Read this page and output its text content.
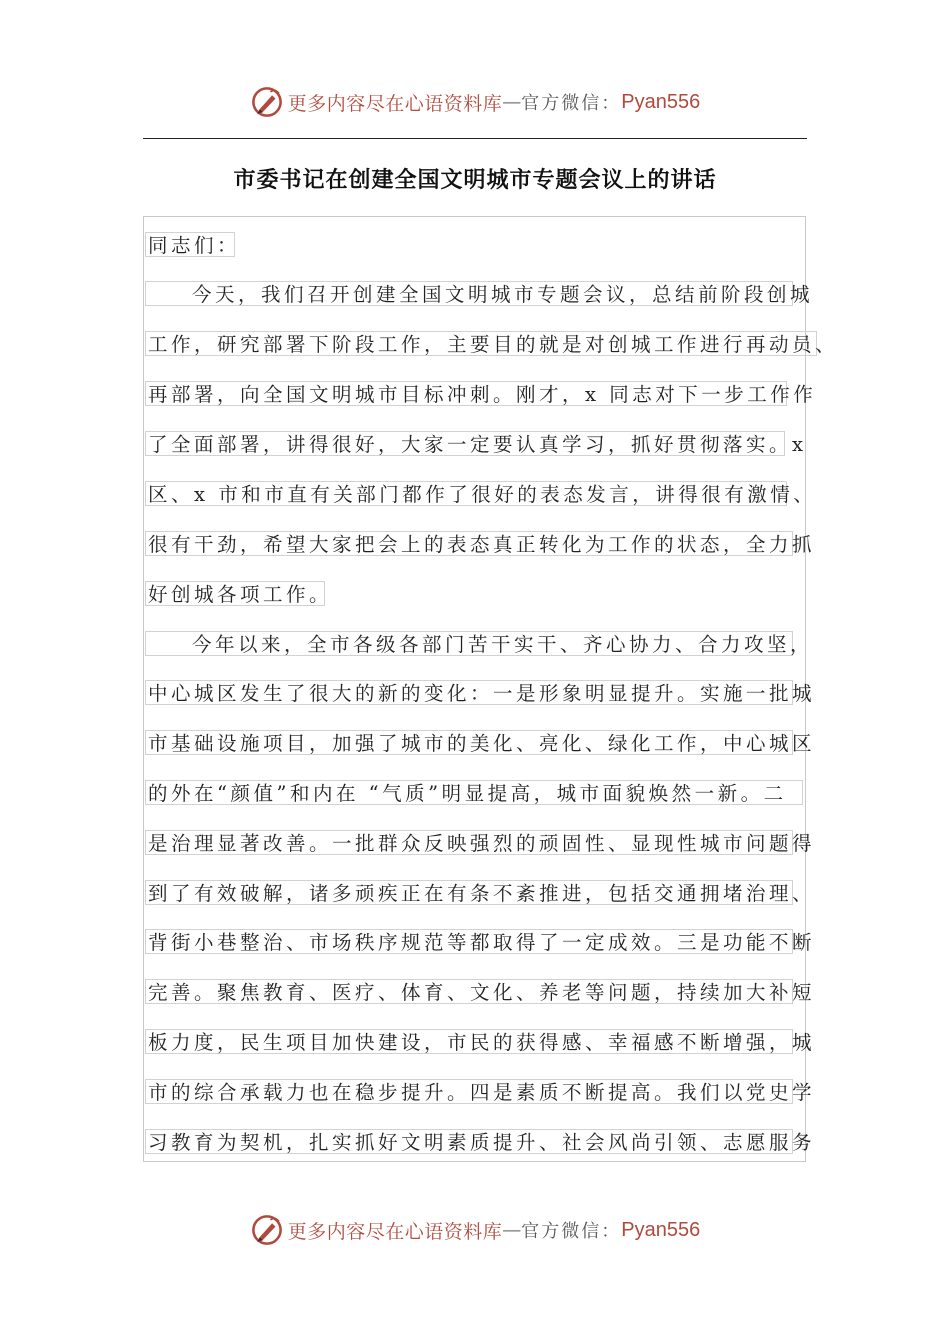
更多内容尽在心语资料库 — 官方微信： Pyan556
市委书记在创建全国文明城市专题会议上的讲话
同志们：
今天，我们召开创建全国文明城市专题会议，总结前阶段创城
工作，研究部署下阶段工作，主要目的就是对创城工作进行再动员、
再部署，向全国文明城市目标冲刺。刚才，x 同志对下一步工作作
了全面部署，讲得很好，大家一定要认真学习，抓好贯彻落实。x
区、x 市和市直有关部门都作了很好的表态发言，讲得很有激情、
很有干劲，希望大家把会上的表态真正转化为工作的状态，全力抓
好创城各项工作。
今年以来，全市各级各部门苦干实干、齐心协力、合力攻坚，
中心城区发生了很大的新的变化：一是形象明显提升。实施一批城
市基础设施项目，加强了城市的美化、亮化、绿化工作，中心城区
的外在“颜值”和内在 “气质”明显提高，城市面貌焕然一新。二
是治理显著改善。一批群众反映强烈的顽固性、显现性城市问题得
到了有效破解，诸多顽疾正在有条不紊推进，包括交通拥堵治理、
背街小巷整治、市场秩序规范等都取得了一定成效。三是功能不断
完善。聚焦教育、医疗、体育、文化、养老等问题，持续加大补短
板力度，民生项目加快建设，市民的获得感、幸福感不断增强，城
市的综合承载力也在稳步提升。四是素质不断提高。我们以党史学
习教育为契机，扎实抓好文明素质提升、社会风尚引领、志愿服务
更多内容尽在心语资料库 — 官方微信： Pyan556
